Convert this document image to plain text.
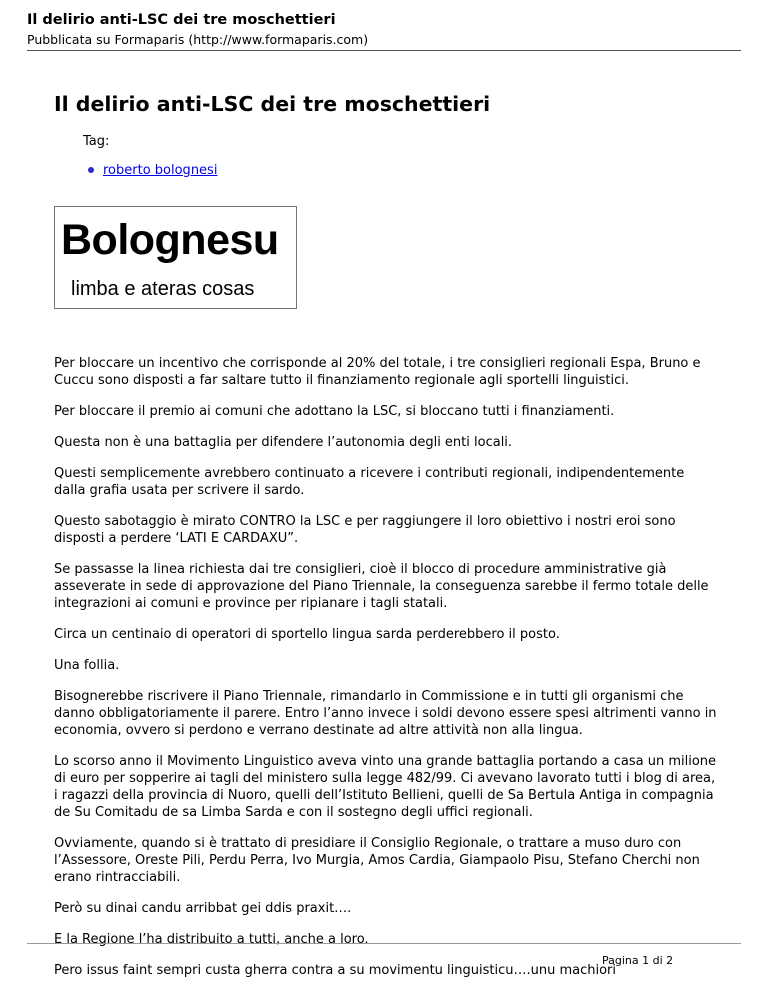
Il delirio anti-LSC dei tre moschettieri
Pubblicata su Formaparis (http://www.formaparis.com)
Il delirio anti-LSC dei tre moschettieri
Tag:
roberto bolognesi
Bolognesu
limba e ateras cosas

Per bloccare un incentivo che corrisponde al 20% del totale, i tre consiglieri regionali Espa, Bruno e Cuccu sono disposti a far saltare tutto il finanziamento regionale agli sportelli linguistici.

Per bloccare il premio ai comuni che adottano la LSC, si bloccano tutti i finanziamenti.

Questa non è una battaglia per difendere l’autonomia degli enti locali.

Questi semplicemente avrebbero continuato a ricevere i contributi regionali, indipendentemente dalla grafia usata per scrivere il sardo.

Questo sabotaggio è mirato CONTRO la LSC e per raggiungere il loro obiettivo i nostri eroi sono disposti a perdere ‘LATI E CARDAXU”.

Se passasse la linea richiesta dai tre consiglieri, cioè il blocco di procedure amministrative già asseverate in sede di approvazione del Piano Triennale, la conseguenza sarebbe il fermo totale delle integrazioni ai comuni e province per ripianare i tagli statali.

Circa un centinaio di operatori di sportello lingua sarda perderebbero il posto.

Una follia.

Bisognerebbe riscrivere il Piano Triennale, rimandarlo in Commissione e in tutti gli organismi che danno obbligatoriamente il parere. Entro l’anno invece i soldi devono essere spesi altrimenti vanno in economia, ovvero si perdono e verrano destinate ad altre attività non alla lingua.

Lo scorso anno il Movimento Linguistico aveva vinto una grande battaglia portando a casa un milione di euro per sopperire ai tagli del ministero sulla legge 482/99. Ci avevano lavorato tutti i blog di area, i ragazzi della provincia di Nuoro, quelli dell’Istituto Bellieni, quelli de Sa Bertula Antiga in compagnia de Su Comitadu de sa Limba Sarda e con il sostegno degli uffici regionali.

Ovviamente, quando si è trattato di presidiare il Consiglio Regionale, o trattare a muso duro con l’Assessore, Oreste Pili, Perdu Perra, Ivo Murgia, Amos Cardia, Giampaolo Pisu, Stefano Cherchi non erano rintracciabili.

Però su dinai candu arribbat gei ddis praxit….

E la Regione l’ha distribuito a tutti, anche a loro.

Pero issus faint sempri custa gherra contra a su movimentu linguisticu….unu machiori

Pagina 1 di 2
